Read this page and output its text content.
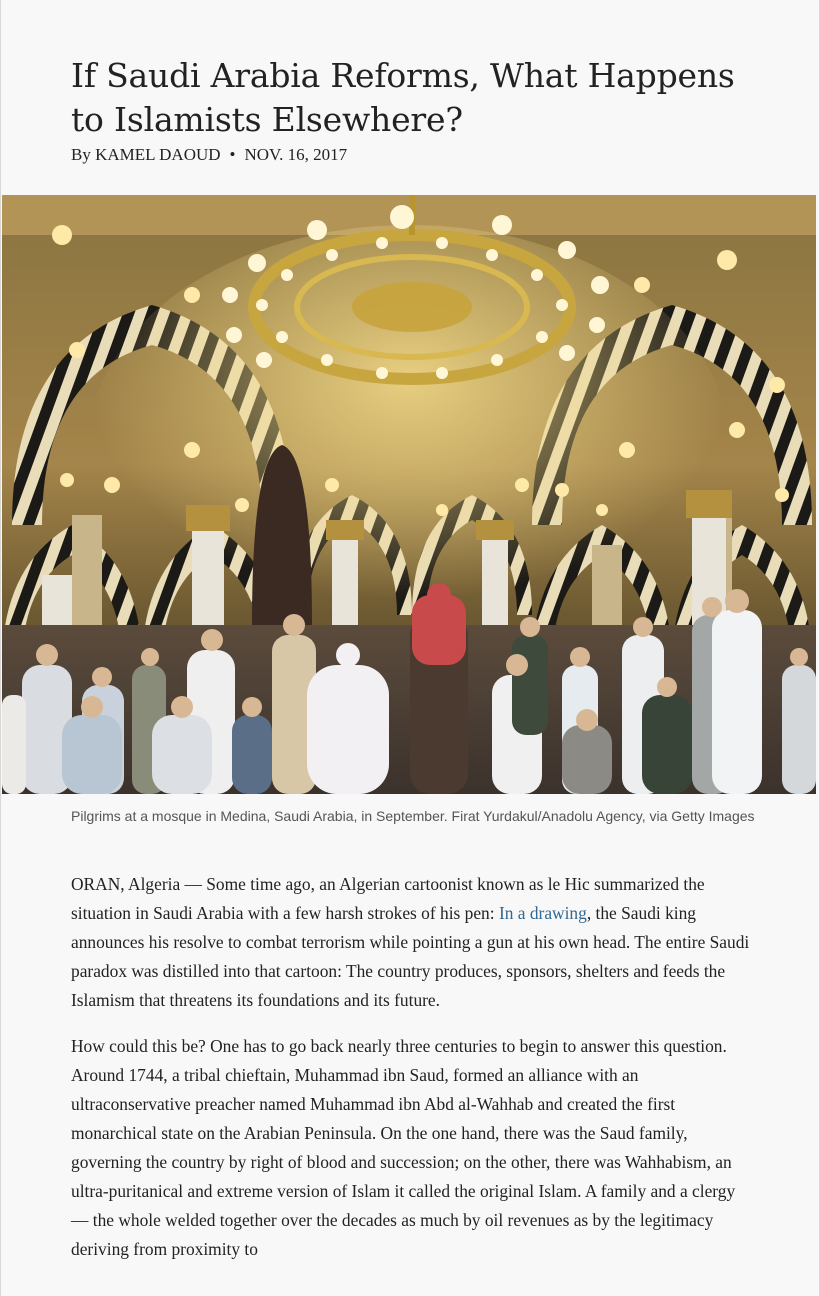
If Saudi Arabia Reforms, What Happens to Islamists Elsewhere?
By KAMEL DAOUD • NOV. 16, 2017

Pilgrims at a mosque in Medina, Saudi Arabia, in September. Firat Yurdakul/Anadolu Agency, via Getty Images

ORAN, Algeria — Some time ago, an Algerian cartoonist known as le Hic summarized the situation in Saudi Arabia with a few harsh strokes of his pen: In a drawing, the Saudi king announces his resolve to combat terrorism while pointing a gun at his own head. The entire Saudi paradox was distilled into that cartoon: The country produces, sponsors, shelters and feeds the Islamism that threatens its foundations and its future.

How could this be? One has to go back nearly three centuries to begin to answer this question. Around 1744, a tribal chieftain, Muhammad ibn Saud, formed an alliance with an ultraconservative preacher named Muhammad ibn Abd al-Wahhab and created the first monarchical state on the Arabian Peninsula. On the one hand, there was the Saud family, governing the country by right of blood and succession; on the other, there was Wahhabism, an ultra-puritanical and extreme version of Islam it called the original Islam. A family and a clergy — the whole welded together over the decades as much by oil revenues as by the legitimacy deriving from proximity to
